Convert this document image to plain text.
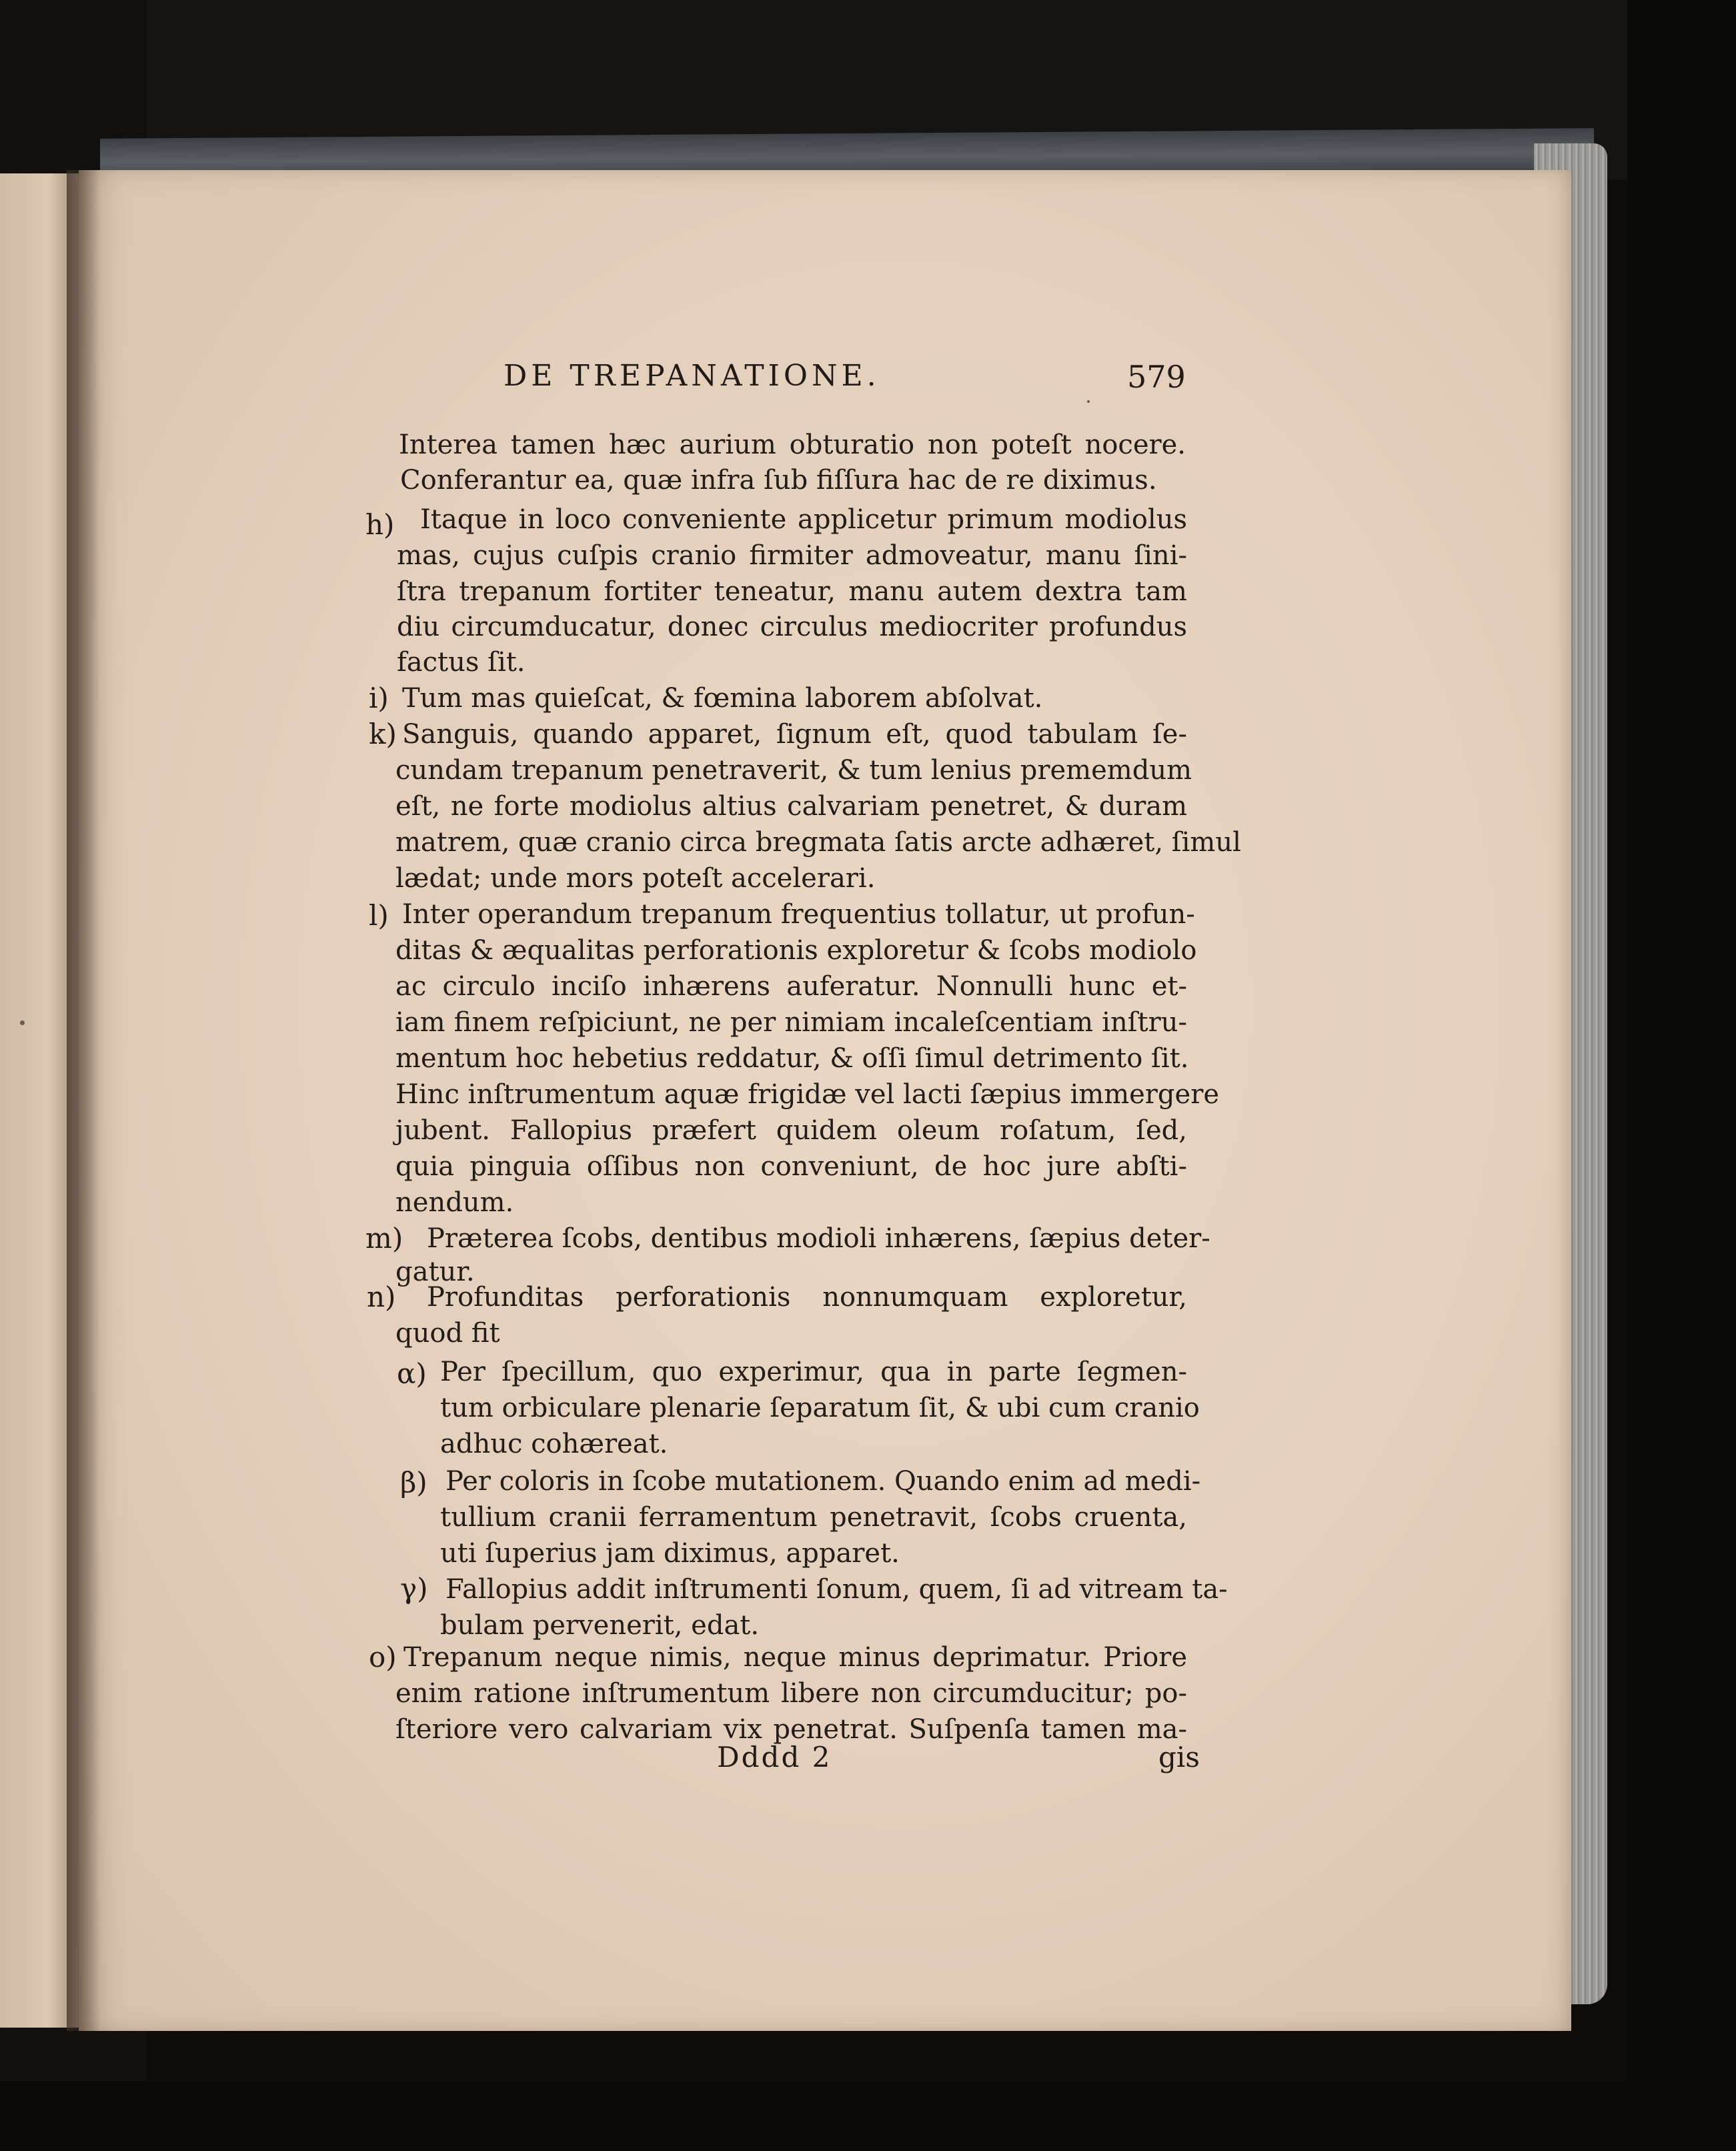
DE TREPANATIONE.	579
h)
i)
k)
l)
m)
n)
α)
β)
γ)
o)
Interea tamen hæc aurium obturatio non poteſt nocere.
Conferantur ea, quæ infra ſub fiſſura hac de re diximus.
Itaque in loco conveniente applicetur primum modiolus
mas, cujus cuſpis cranio firmiter admoveatur, manu ſini-
ſtra trepanum fortiter teneatur, manu autem dextra tam
diu circumducatur, donec circulus mediocriter profundus
factus ſit.
Tum mas quieſcat, & fœmina laborem abſolvat.
Sanguis, quando apparet, ſignum eſt, quod tabulam ſe-
cundam trepanum penetraverit, & tum lenius prememdum
eſt, ne forte modiolus altius calvariam penetret, & duram
matrem, quæ cranio circa bregmata ſatis arcte adhæret, ſimul
lædat; unde mors poteſt accelerari.
Inter operandum trepanum frequentius tollatur, ut profun-
ditas & æqualitas perforationis exploretur & ſcobs modiolo
ac circulo inciſo inhærens auferatur. Nonnulli hunc et-
iam finem reſpiciunt, ne per nimiam incaleſcentiam inſtru-
mentum hoc hebetius reddatur, & oſſi ſimul detrimento ſit.
Hinc inſtrumentum aquæ frigidæ vel lacti ſæpius immergere
jubent. Fallopius præfert quidem oleum roſatum, ſed,
quia pinguia oſſibus non conveniunt, de hoc jure abſti-
nendum.
Præterea ſcobs, dentibus modioli inhærens, ſæpius deter-
gatur.
Profunditas perforationis nonnumquam exploretur,
quod fit
Per ſpecillum, quo experimur, qua in parte ſegmen-
tum orbiculare plenarie ſeparatum ſit, & ubi cum cranio
adhuc cohæreat.
Per coloris in ſcobe mutationem. Quando enim ad medi-
tullium cranii ferramentum penetravit, ſcobs cruenta,
uti ſuperius jam diximus, apparet.
Fallopius addit inſtrumenti ſonum, quem, ſi ad vitream ta-
bulam pervenerit, edat.
Trepanum neque nimis, neque minus deprimatur. Priore
enim ratione inſtrumentum libere non circumducitur; po-
ſteriore vero calvariam vix penetrat. Suſpenſa tamen ma-
Dddd 2	gis
